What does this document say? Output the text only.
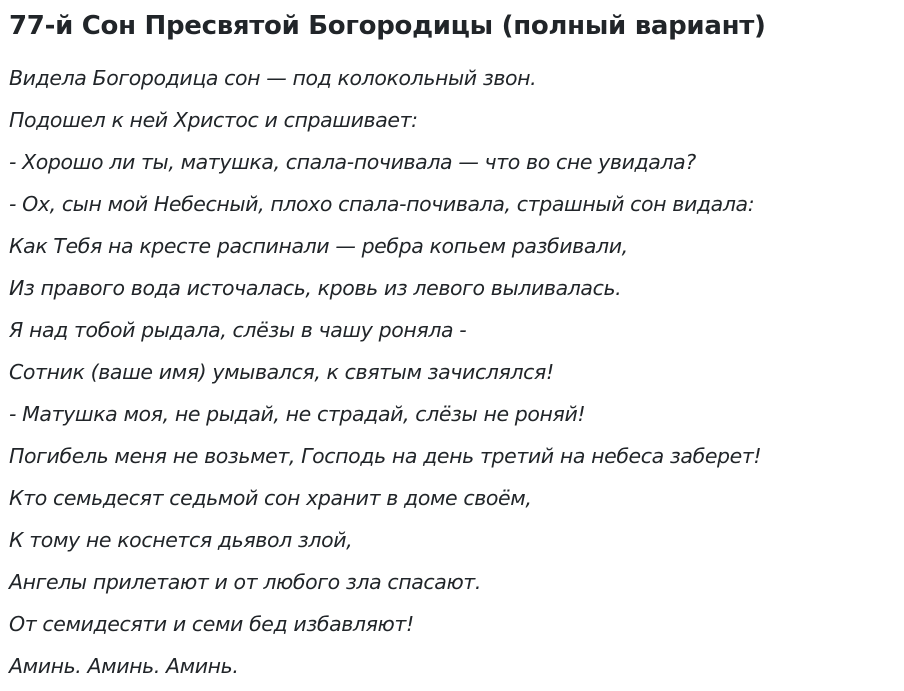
77-й Сон Пресвятой Богородицы (полный вариант)
Видела Богородица сон — под колокольный звон.
Подошел к ней Христос и спрашивает:
- Хорошо ли ты, матушка, спала-почивала — что во сне увидала?
- Ох, сын мой Небесный, плохо спала-почивала, страшный сон видала:
Как Тебя на кресте распинали — ребра копьем разбивали,
Из правого вода источалась, кровь из левого выливалась.
Я над тобой рыдала, слёзы в чашу роняла -
Сотник (ваше имя) умывался, к святым зачислялся!
- Матушка моя, не рыдай, не страдай, слёзы не роняй!
Погибель меня не возьмет, Господь на день третий на небеса заберет!
Кто семьдесят седьмой сон хранит в доме своём,
К тому не коснется дьявол злой,
Ангелы прилетают и от любого зла спасают.
От семидесяти и семи бед избавляют!
Аминь. Аминь. Аминь.
